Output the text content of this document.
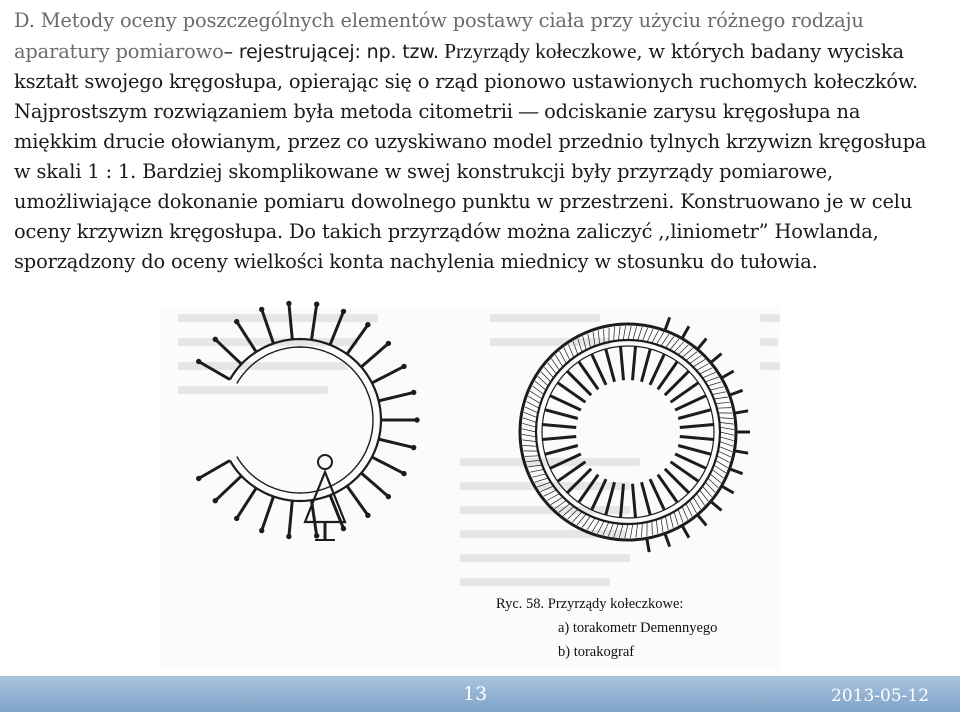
D. Metody oceny poszczególnych elementów postawy ciała przy użyciu różnego rodzaju aparatury pomiarowo– rejestrującej: np. tzw. Przyrządy kołeczkowe, w których badany wyciska kształt swojego kręgosłupa, opierając się o rząd pionowo ustawionych ruchomych kołeczków. Najprostszym rozwiązaniem była metoda citometrii ― odciskanie zarysu kręgosłupa na miękkim drucie ołowianym, przez co uzyskiwano model przednio tylnych krzywizn kręgosłupa w skali 1 : 1. Bardziej skomplikowane w swej konstrukcji były przyrządy pomiarowe, umożliwiające dokonanie pomiaru dowolnego punktu w przestrzeni. Konstruowano je w celu oceny krzywizn kręgosłupa. Do takich przyrządów można zaliczyć ,,liniometr” Howlanda, sporządzony do oceny wielkości konta nachylenia miednicy w stosunku do tułowia.

Ryc. 58. Przyrządy kołeczkowe:
a) torakometr Demennyego
b) torakograf
13	2013-05-12
